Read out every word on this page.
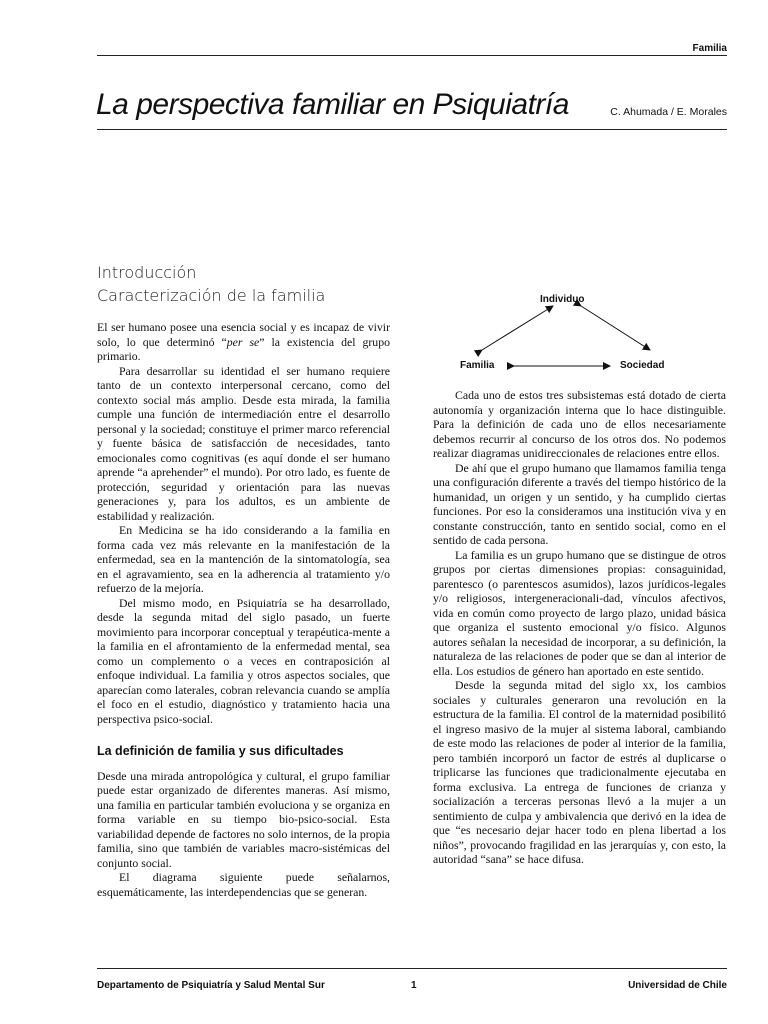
Familia
La perspectiva familiar en Psiquiatría	C. Ahumada / E. Morales
Introducción
Caracterización de la familia

El ser humano posee una esencia social y es incapaz de vivir solo, lo que determinó “per se” la existencia del grupo primario.

Para desarrollar su identidad el ser humano requiere tanto de un contexto interpersonal cercano, como del contexto social más amplio. Desde esta mirada, la familia cumple una función de intermediación entre el desarrollo personal y la sociedad; constituye el primer marco referencial y fuente básica de satisfacción de necesidades, tanto emocionales como cognitivas (es aquí donde el ser humano aprende “a aprehender” el mundo). Por otro lado, es fuente de protección, seguridad y orientación para las nuevas generaciones y, para los adultos, es un ambiente de estabilidad y realización.

En Medicina se ha ido considerando a la familia en forma cada vez más relevante en la manifestación de la enfermedad, sea en la mantención de la sintomatología, sea en el agravamiento, sea en la adherencia al tratamiento y/o refuerzo de la mejoría.

Del mismo modo, en Psiquiatría se ha desarrollado, desde la segunda mitad del siglo pasado, un fuerte movimiento para incorporar conceptual y terapéutica-mente a la familia en el afrontamiento de la enfermedad mental, sea como un complemento o a veces en contraposición al enfoque individual. La familia y otros aspectos sociales, que aparecían como laterales, cobran relevancia cuando se amplía el foco en el estudio, diagnóstico y tratamiento hacia una perspectiva psico-social.

La definición de familia y sus dificultades

Desde una mirada antropológica y cultural, el grupo familiar puede estar organizado de diferentes maneras. Así mismo, una familia en particular también evoluciona y se organiza en forma variable en su tiempo bio-psico-social. Esta variabilidad depende de factores no solo internos, de la propia familia, sino que también de variables macro-sistémicas del conjunto social.

El diagrama siguiente puede señalarnos, esquemáticamente, las interdependencias que se generan.

Individuo
Familia	Sociedad

Cada uno de estos tres subsistemas está dotado de cierta autonomía y organización interna que lo hace distinguible. Para la definición de cada uno de ellos necesariamente debemos recurrir al concurso de los otros dos. No podemos realizar diagramas unidireccionales de relaciones entre ellos.

De ahí que el grupo humano que llamamos familia tenga una configuración diferente a través del tiempo histórico de la humanidad, un origen y un sentido, y ha cumplido ciertas funciones. Por eso la consideramos una institución viva y en constante construcción, tanto en sentido social, como en el sentido de cada persona.

La familia es un grupo humano que se distingue de otros grupos por ciertas dimensiones propias: consaguinidad, parentesco (o parentescos asumidos), lazos jurídicos-legales y/o religiosos, intergeneracionali-dad, vínculos afectivos, vida en común como proyecto de largo plazo, unidad básica que organiza el sustento emocional y/o físico. Algunos autores señalan la necesidad de incorporar, a su definición, la naturaleza de las relaciones de poder que se dan al interior de ella. Los estudios de género han aportado en este sentido.

Desde la segunda mitad del siglo xx, los cambios sociales y culturales generaron una revolución en la estructura de la familia. El control de la maternidad posibilitó el ingreso masivo de la mujer al sistema laboral, cambiando de este modo las relaciones de poder al interior de la familia, pero también incorporó un factor de estrés al duplicarse o triplicarse las funciones que tradicionalmente ejecutaba en forma exclusiva. La entrega de funciones de crianza y socialización a terceras personas llevó a la mujer a un sentimiento de culpa y ambivalencia que derivó en la idea de que “es necesario dejar hacer todo en plena libertad a los niños”, provocando fragilidad en las jerarquías y, con esto, la autoridad “sana” se hace difusa.

Departamento de Psiquiatría y Salud Mental Sur	1	Universidad de Chile
